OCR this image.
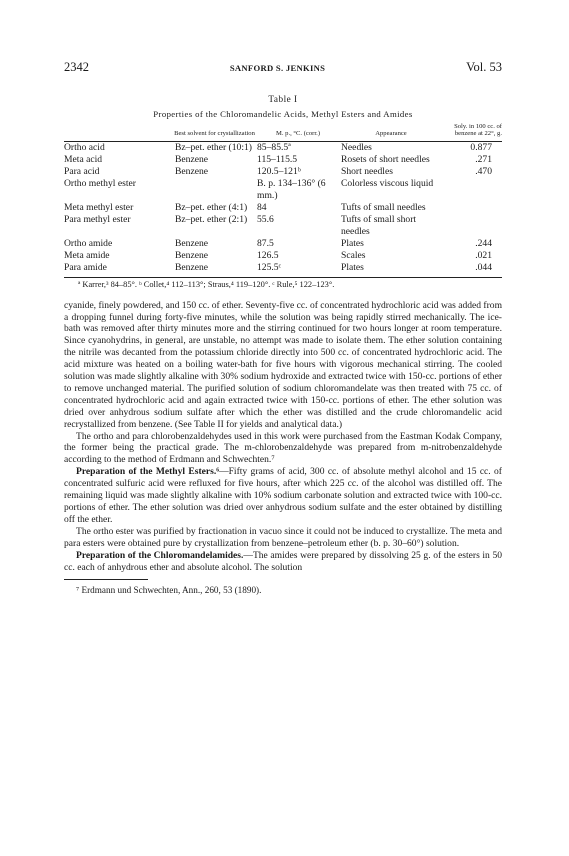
2342	SANFORD S. JENKINS	Vol. 53
Table I
Properties of the Chloromandelic Acids, Methyl Esters and Amides
	Best solvent for crystallization	M. p., °C. (corr.)	Appearance	Soly. in 100 cc. of benzene at 22°, g.
Ortho acid	Bz–pet. ether (10:1)	85–85.5ª	Needles	0.877
Meta acid	Benzene	115–115.5	Rosets of short needles	.271
Para acid	Benzene	120.5–121ᵇ	Short needles	.470
Ortho methyl ester		B. p. 134–136° (6 mm.)	Colorless viscous liquid	
Meta methyl ester	Bz–pet. ether (4:1)	84	Tufts of small needles	
Para methyl ester	Bz–pet. ether (2:1)	55.6	Tufts of small short needles	
Ortho amide	Benzene	87.5	Plates	.244
Meta amide	Benzene	126.5	Scales	.021
Para amide	Benzene	125.5ᶜ	Plates	.044
ª Karrer,³ 84–85°. ᵇ Collet,⁴ 112–113°; Straus,⁴ 119–120°. ᶜ Rule,⁵ 122–123°.

cyanide, finely powdered, and 150 cc. of ether. Seventy-five cc. of concentrated hydrochloric acid was added from a dropping funnel during forty-five minutes, while the solution was being rapidly stirred mechanically. The ice-bath was removed after thirty minutes more and the stirring continued for two hours longer at room temperature. Since cyanohydrins, in general, are unstable, no attempt was made to isolate them. The ether solution containing the nitrile was decanted from the potassium chloride directly into 500 cc. of concentrated hydrochloric acid. The acid mixture was heated on a boiling water-bath for five hours with vigorous mechanical stirring. The cooled solution was made slightly alkaline with 30% sodium hydroxide and extracted twice with 150-cc. portions of ether to remove unchanged material. The purified solution of sodium chloromandelate was then treated with 75 cc. of concentrated hydrochloric acid and again extracted twice with 150-cc. portions of ether. The ether solution was dried over anhydrous sodium sulfate after which the ether was distilled and the crude chloromandelic acid recrystallized from benzene. (See Table II for yields and analytical data.)

The ortho and para chlorobenzaldehydes used in this work were purchased from the Eastman Kodak Company, the former being the practical grade. The m-chlorobenzaldehyde was prepared from m-nitrobenzaldehyde according to the method of Erdmann and Schwechten.⁷

Preparation of the Methyl Esters.⁶—Fifty grams of acid, 300 cc. of absolute methyl alcohol and 15 cc. of concentrated sulfuric acid were refluxed for five hours, after which 225 cc. of the alcohol was distilled off. The remaining liquid was made slightly alkaline with 10% sodium carbonate solution and extracted twice with 100-cc. portions of ether. The ether solution was dried over anhydrous sodium sulfate and the ester obtained by distilling off the ether.

The ortho ester was purified by fractionation in vacuo since it could not be induced to crystallize. The meta and para esters were obtained pure by crystallization from benzene–petroleum ether (b. p. 30–60°) solution.

Preparation of the Chloromandelamides.—The amides were prepared by dissolving 25 g. of the esters in 50 cc. each of anhydrous ether and absolute alcohol. The solution

⁷ Erdmann und Schwechten, Ann., 260, 53 (1890).
